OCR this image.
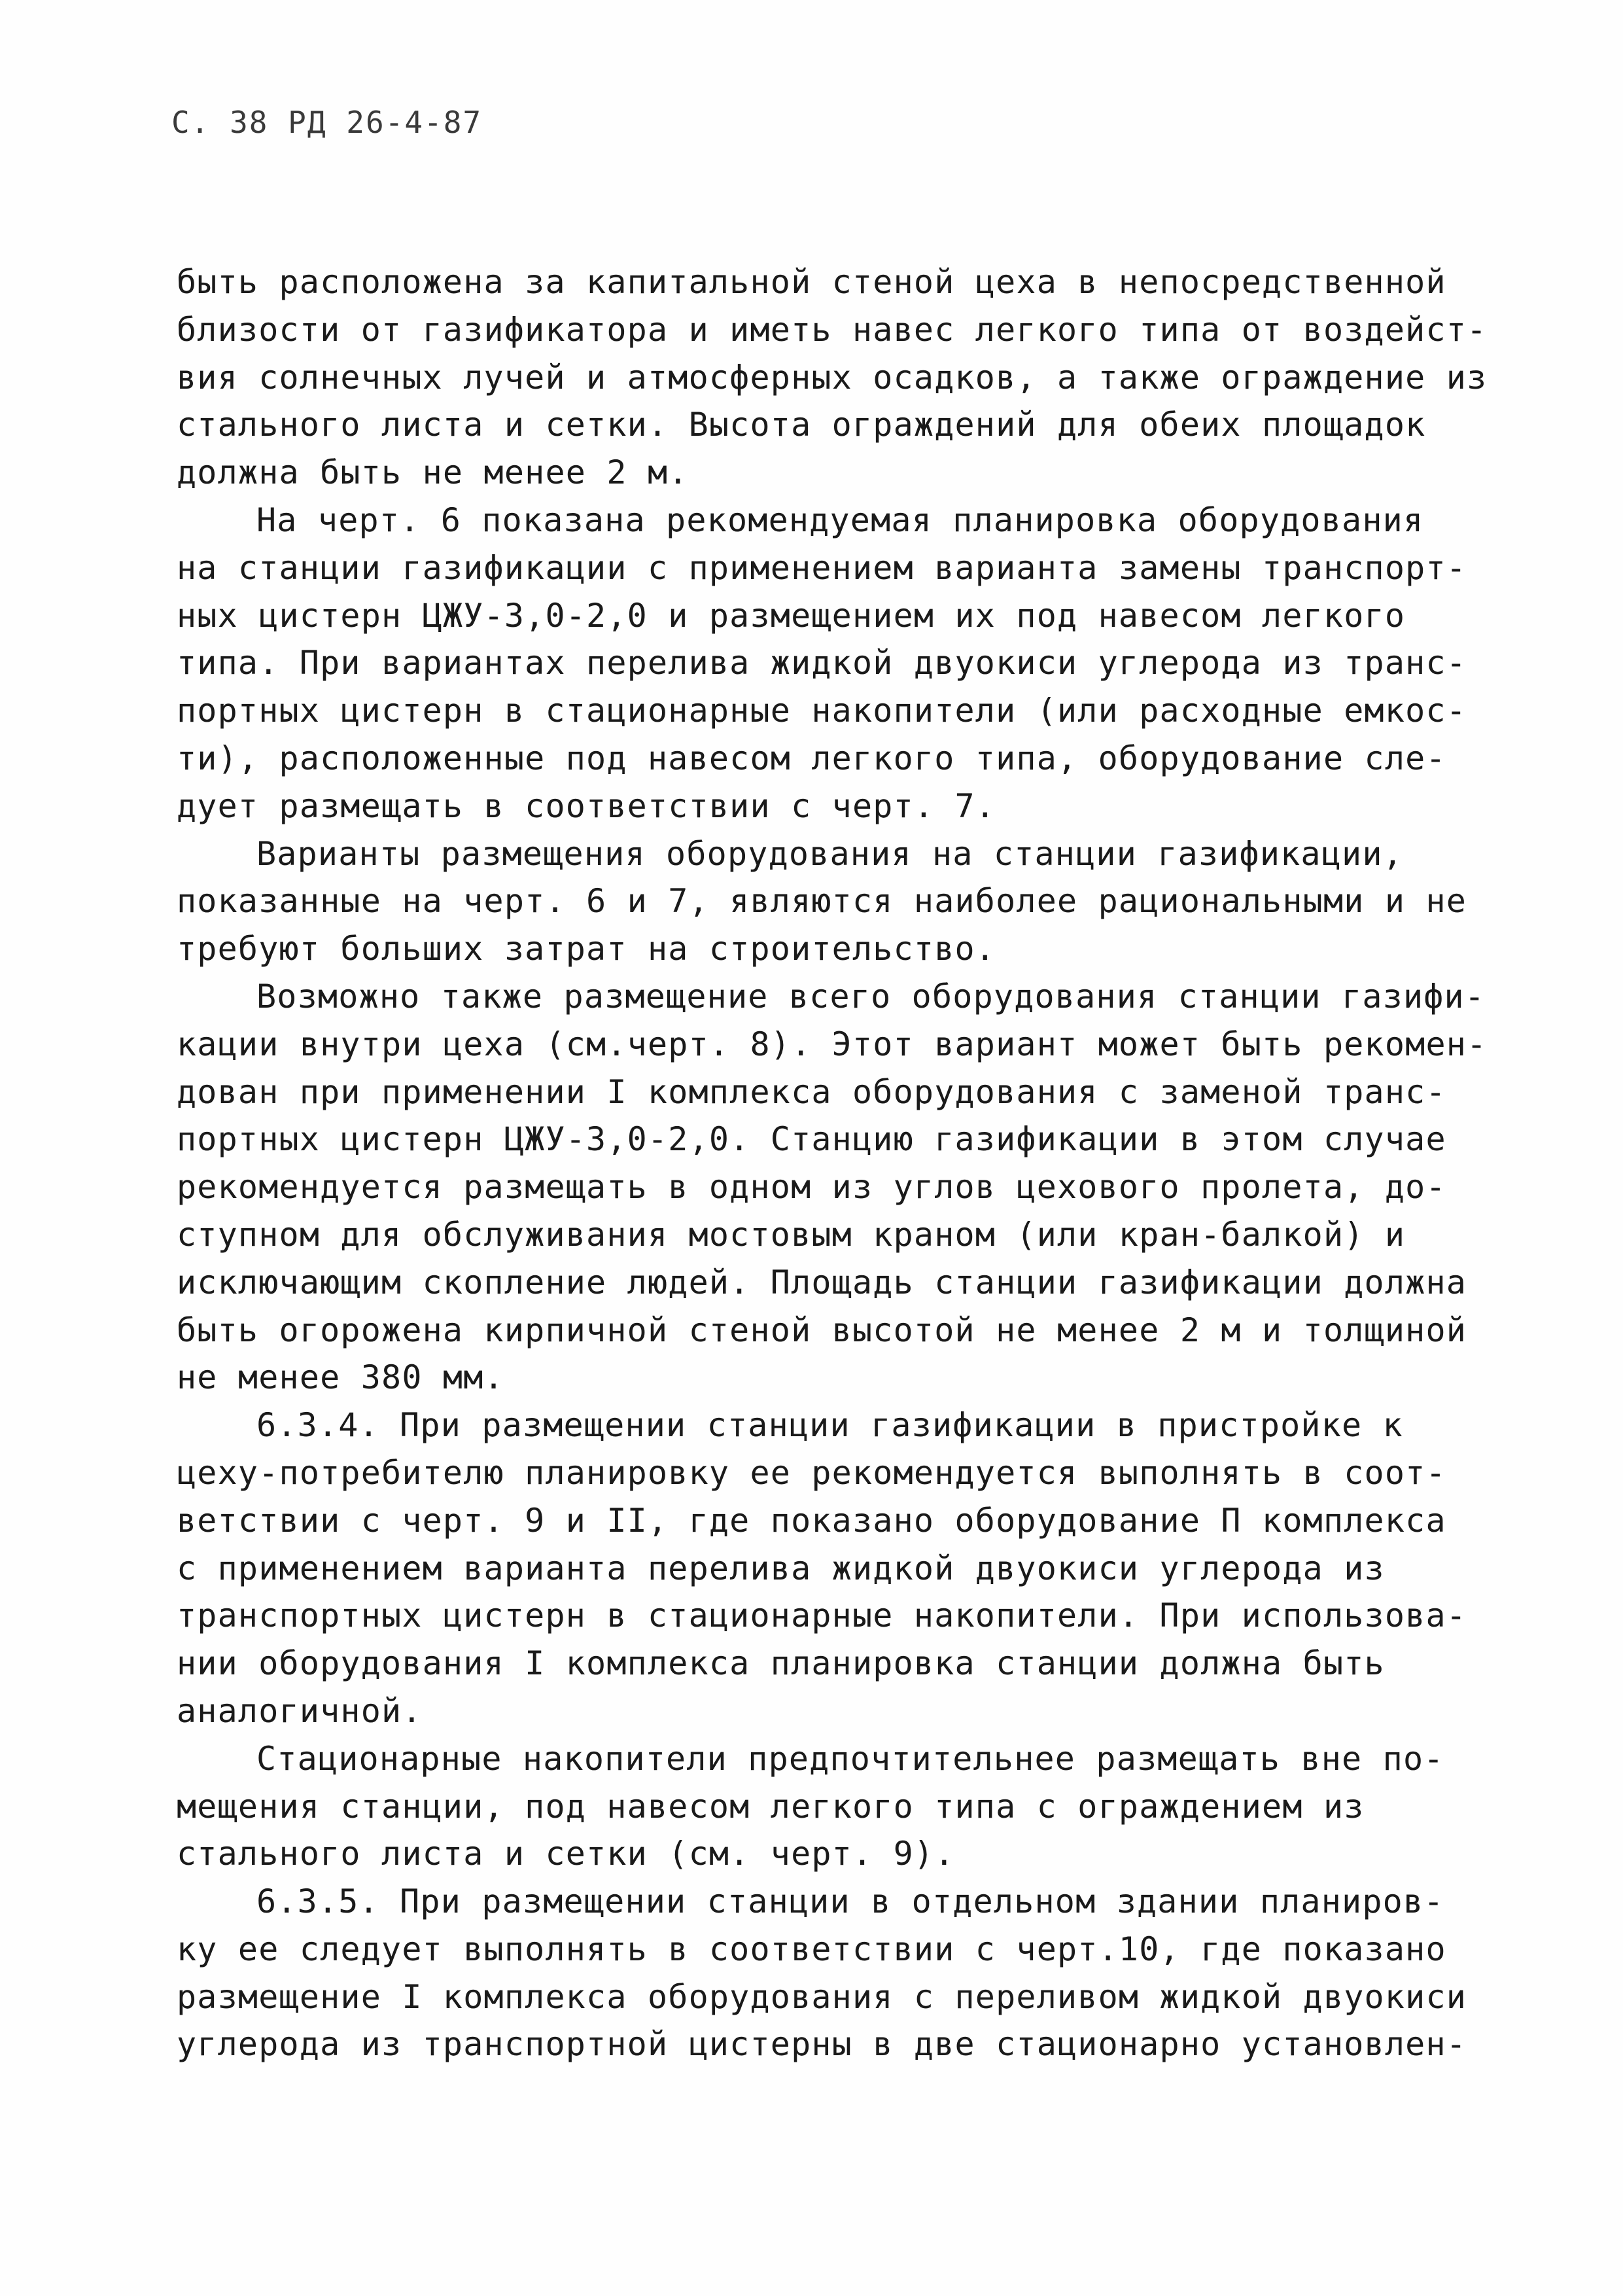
С. 38 РД 26-4-87
быть расположена за капитальной стеной цеха в непосредственной
близости от газификатора и иметь навес легкого типа от воздейст-
вия солнечных лучей и атмосферных осадков, а также ограждение из
стального листа и сетки. Высота ограждений для обеих площадок
должна быть не менее 2 м.
На черт. 6 показана рекомендуемая планировка оборудования
на станции газификации с применением варианта замены транспорт-
ных цистерн ЦЖУ-3,0-2,0 и размещением их под навесом легкого
типа. При вариантах перелива жидкой двуокиси углерода из транс-
портных цистерн в стационарные накопители (или расходные емкос-
ти), расположенные под навесом легкого типа, оборудование сле-
дует размещать в соответствии с черт. 7.
Варианты размещения оборудования на станции газификации,
показанные на черт. 6 и 7, являются наиболее рациональными и не
требуют больших затрат на строительство.
Возможно также размещение всего оборудования станции газифи-
кации внутри цеха (см.черт. 8). Этот вариант может быть рекомен-
дован при применении I комплекса оборудования с заменой транс-
портных цистерн ЦЖУ-3,0-2,0. Станцию газификации в этом случае
рекомендуется размещать в одном из углов цехового пролета, до-
ступном для обслуживания мостовым краном (или кран-балкой) и
исключающим скопление людей. Площадь станции газификации должна
быть огорожена кирпичной стеной высотой не менее 2 м и толщиной
не менее 380 мм.
6.3.4. При размещении станции газификации в пристройке к
цеху-потребителю планировку ее рекомендуется выполнять в соот-
ветствии с черт. 9 и II, где показано оборудование П комплекса
с применением варианта перелива жидкой двуокиси углерода из
транспортных цистерн в стационарные накопители. При использова-
нии оборудования I комплекса планировка станции должна быть
аналогичной.
Стационарные накопители предпочтительнее размещать вне по-
мещения станции, под навесом легкого типа с ограждением из
стального листа и сетки (см. черт. 9).
6.3.5. При размещении станции в отдельном здании планиров-
ку ее следует выполнять в соответствии с черт.10, где показано
размещение I комплекса оборудования с переливом жидкой двуокиси
углерода из транспортной цистерны в две стационарно установлен-
